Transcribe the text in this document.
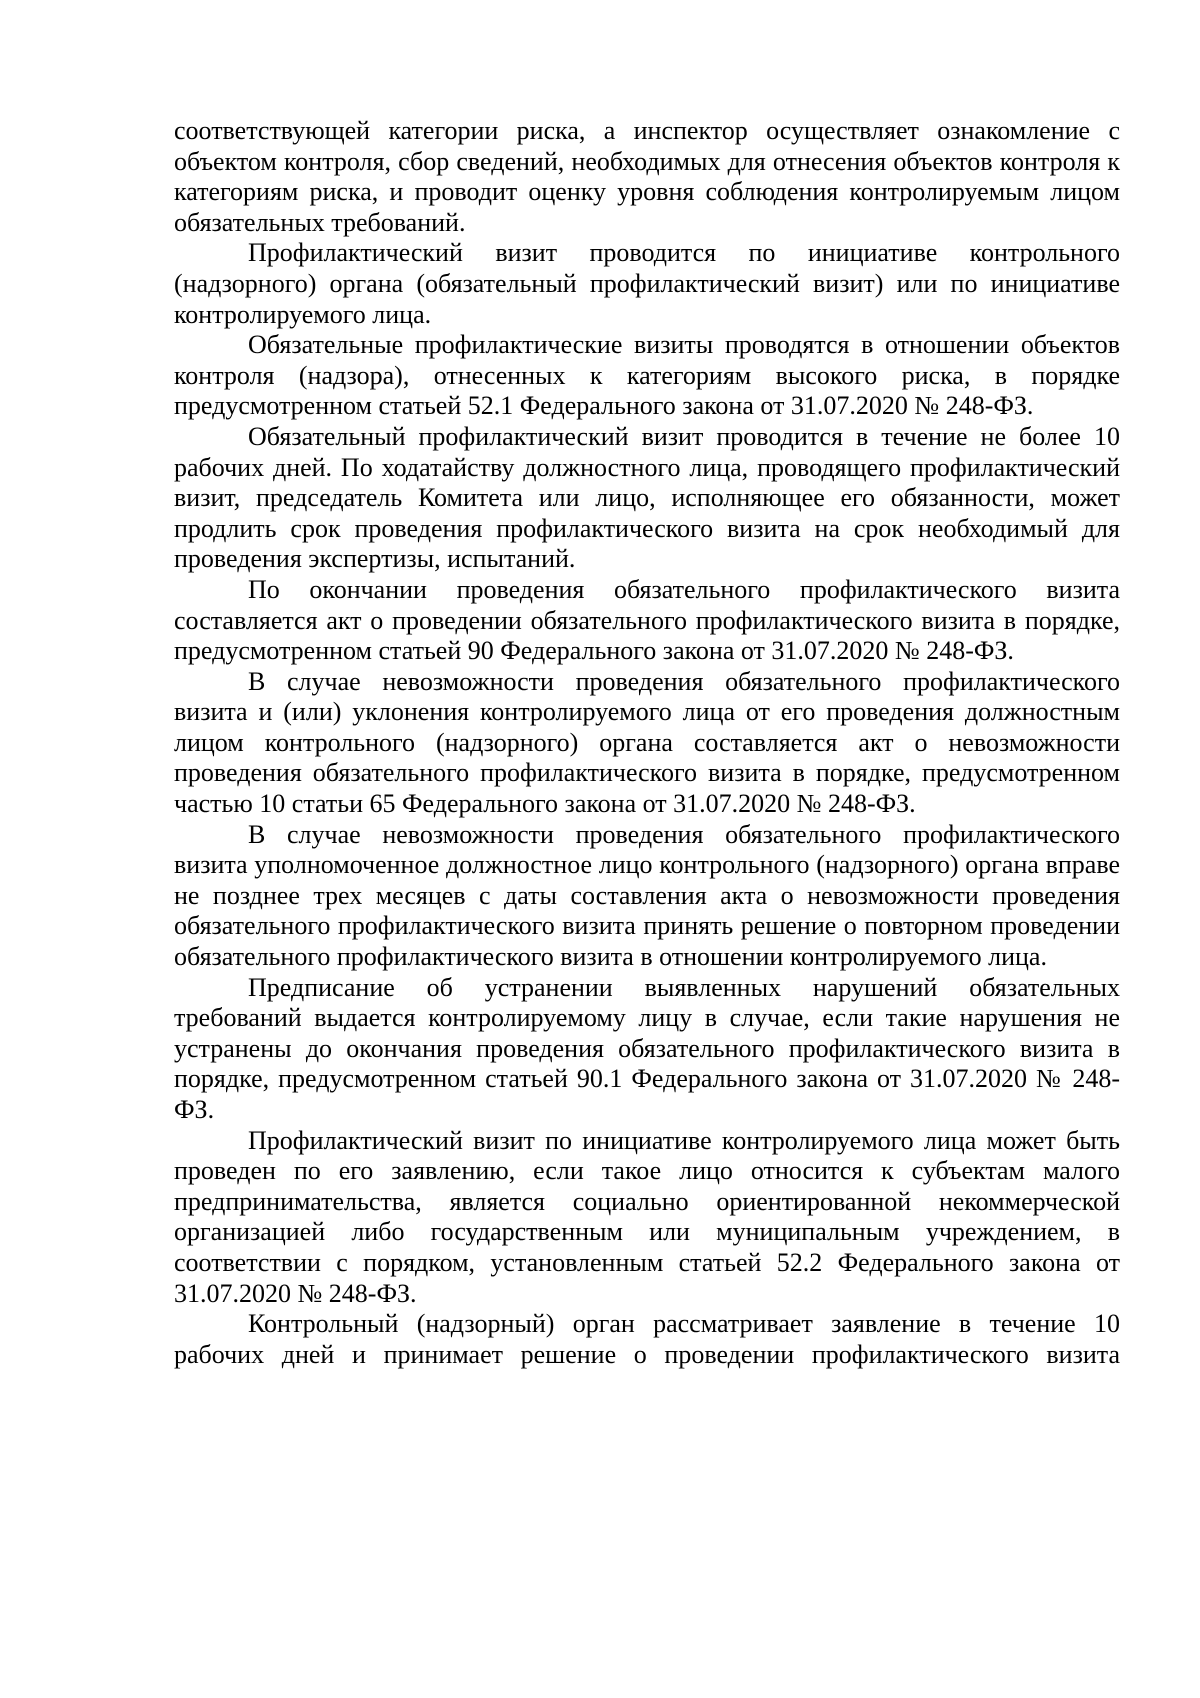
соответствующей категории риска, а инспектор осуществляет ознакомление с объектом контроля, сбор сведений, необходимых для отнесения объектов контроля к категориям риска, и проводит оценку уровня соблюдения контролируемым лицом обязательных требований.

Профилактический визит проводится по инициативе контрольного (надзорного) органа (обязательный профилактический визит) или по инициативе контролируемого лица.

Обязательные профилактические визиты проводятся в отношении объектов контроля (надзора), отнесенных к категориям высокого риска, в порядке предусмотренном статьей 52.1 Федерального закона от 31.07.2020 № 248-ФЗ.

Обязательный профилактический визит проводится в течение не более 10 рабочих дней. По ходатайству должностного лица, проводящего профилактический визит, председатель Комитета или лицо, исполняющее его обязанности, может продлить срок проведения профилактического визита на срок необходимый для проведения экспертизы, испытаний.

По окончании проведения обязательного профилактического визита составляется акт о проведении обязательного профилактического визита в порядке, предусмотренном статьей 90 Федерального закона от 31.07.2020 № 248-ФЗ.

В случае невозможности проведения обязательного профилактического визита и (или) уклонения контролируемого лица от его проведения должностным лицом контрольного (надзорного) органа составляется акт о невозможности проведения обязательного профилактического визита в порядке, предусмотренном частью 10 статьи 65 Федерального закона от 31.07.2020 № 248-ФЗ.

В случае невозможности проведения обязательного профилактического визита уполномоченное должностное лицо контрольного (надзорного) органа вправе не позднее трех месяцев с даты составления акта о невозможности проведения обязательного профилактического визита принять решение о повторном проведении обязательного профилактического визита в отношении контролируемого лица.

Предписание об устранении выявленных нарушений обязательных требований выдается контролируемому лицу в случае, если такие нарушения не устранены до окончания проведения обязательного профилактического визита в порядке, предусмотренном статьей 90.1 Федерального закона от 31.07.2020 № 248-ФЗ.

Профилактический визит по инициативе контролируемого лица может быть проведен по его заявлению, если такое лицо относится к субъектам малого предпринимательства, является социально ориентированной некоммерческой организацией либо государственным или муниципальным учреждением, в соответствии с порядком, установленным статьей 52.2 Федерального закона от 31.07.2020 № 248-ФЗ.

Контрольный (надзорный) орган рассматривает заявление в течение 10 рабочих дней и принимает решение о проведении профилактического визита
